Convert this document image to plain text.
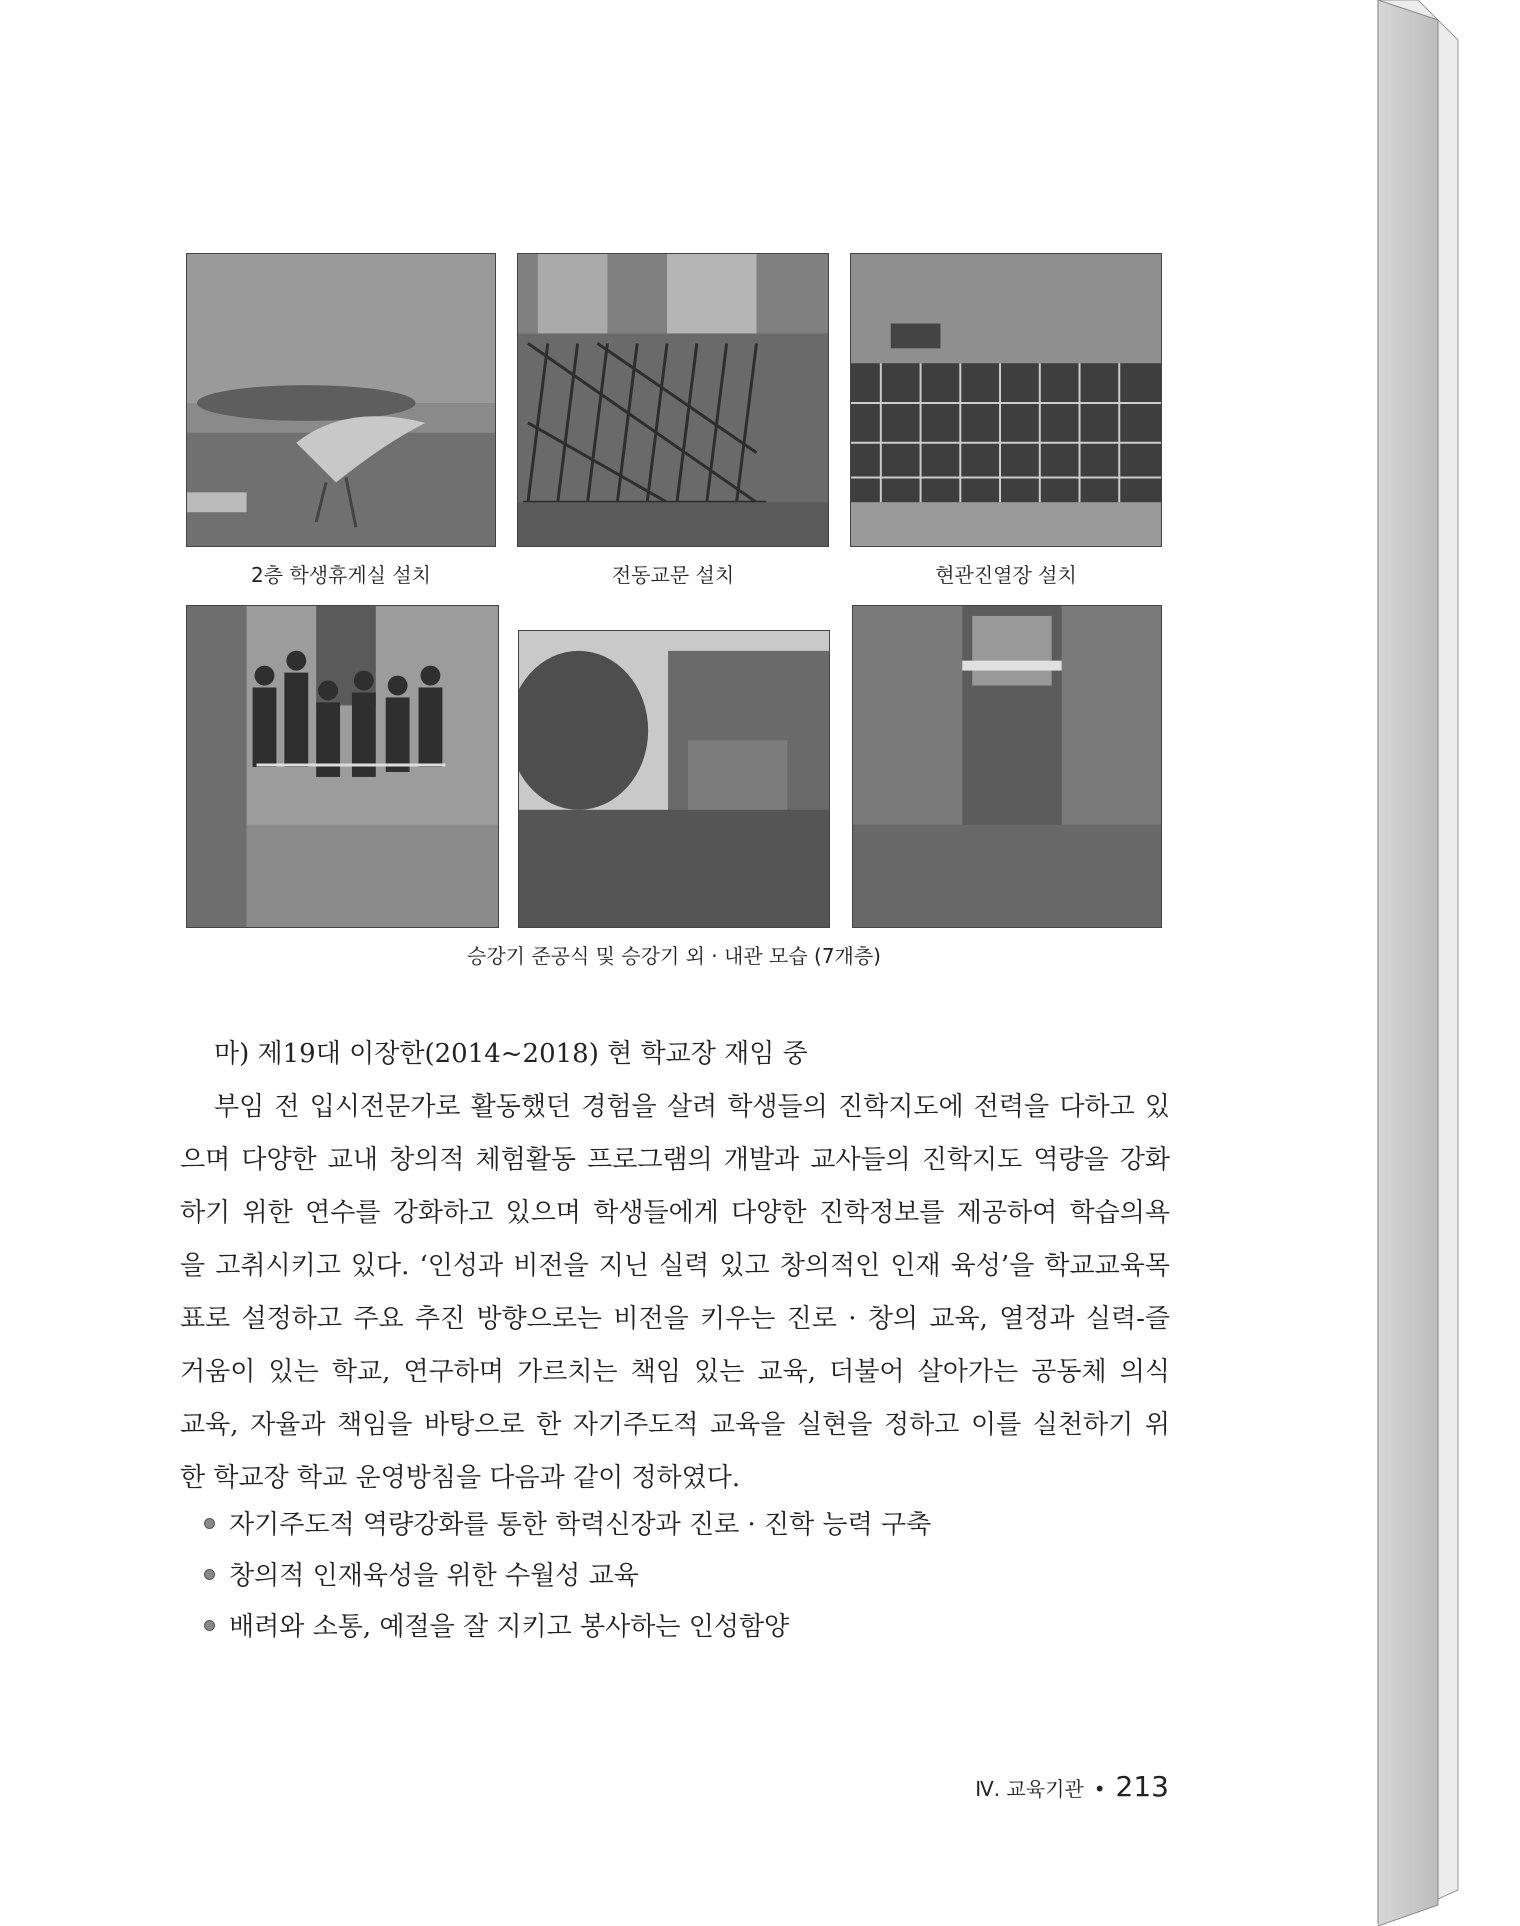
2층 학생휴게실 설치	전동교문 설치	현관진열장 설치
승강기 준공식 및 승강기 외 · 내관 모습 (7개층)
마) 제19대 이장한(2014~2018) 현 학교장 재임 중
부임 전 입시전문가로 활동했던 경험을 살려 학생들의 진학지도에 전력을 다하고 있
으며 다양한 교내 창의적 체험활동 프로그램의 개발과 교사들의 진학지도 역량을 강화
하기 위한 연수를 강화하고 있으며 학생들에게 다양한 진학정보를 제공하여 학습의욕
을 고취시키고 있다. ‘인성과 비전을 지닌 실력 있고 창의적인 인재 육성’을 학교교육목
표로 설정하고 주요 추진 방향으로는 비전을 키우는 진로 · 창의 교육, 열정과 실력-즐
거움이 있는 학교, 연구하며 가르치는 책임 있는 교육, 더불어 살아가는 공동체 의식
교육, 자율과 책임을 바탕으로 한 자기주도적 교육을 실현을 정하고 이를 실천하기 위
한 학교장 학교 운영방침을 다음과 같이 정하였다.
자기주도적 역량강화를 통한 학력신장과 진로 · 진학 능력 구축
창의적 인재육성을 위한 수월성 교육
배려와 소통, 예절을 잘 지키고 봉사하는 인성함양
Ⅳ. 교육기관 • 213
